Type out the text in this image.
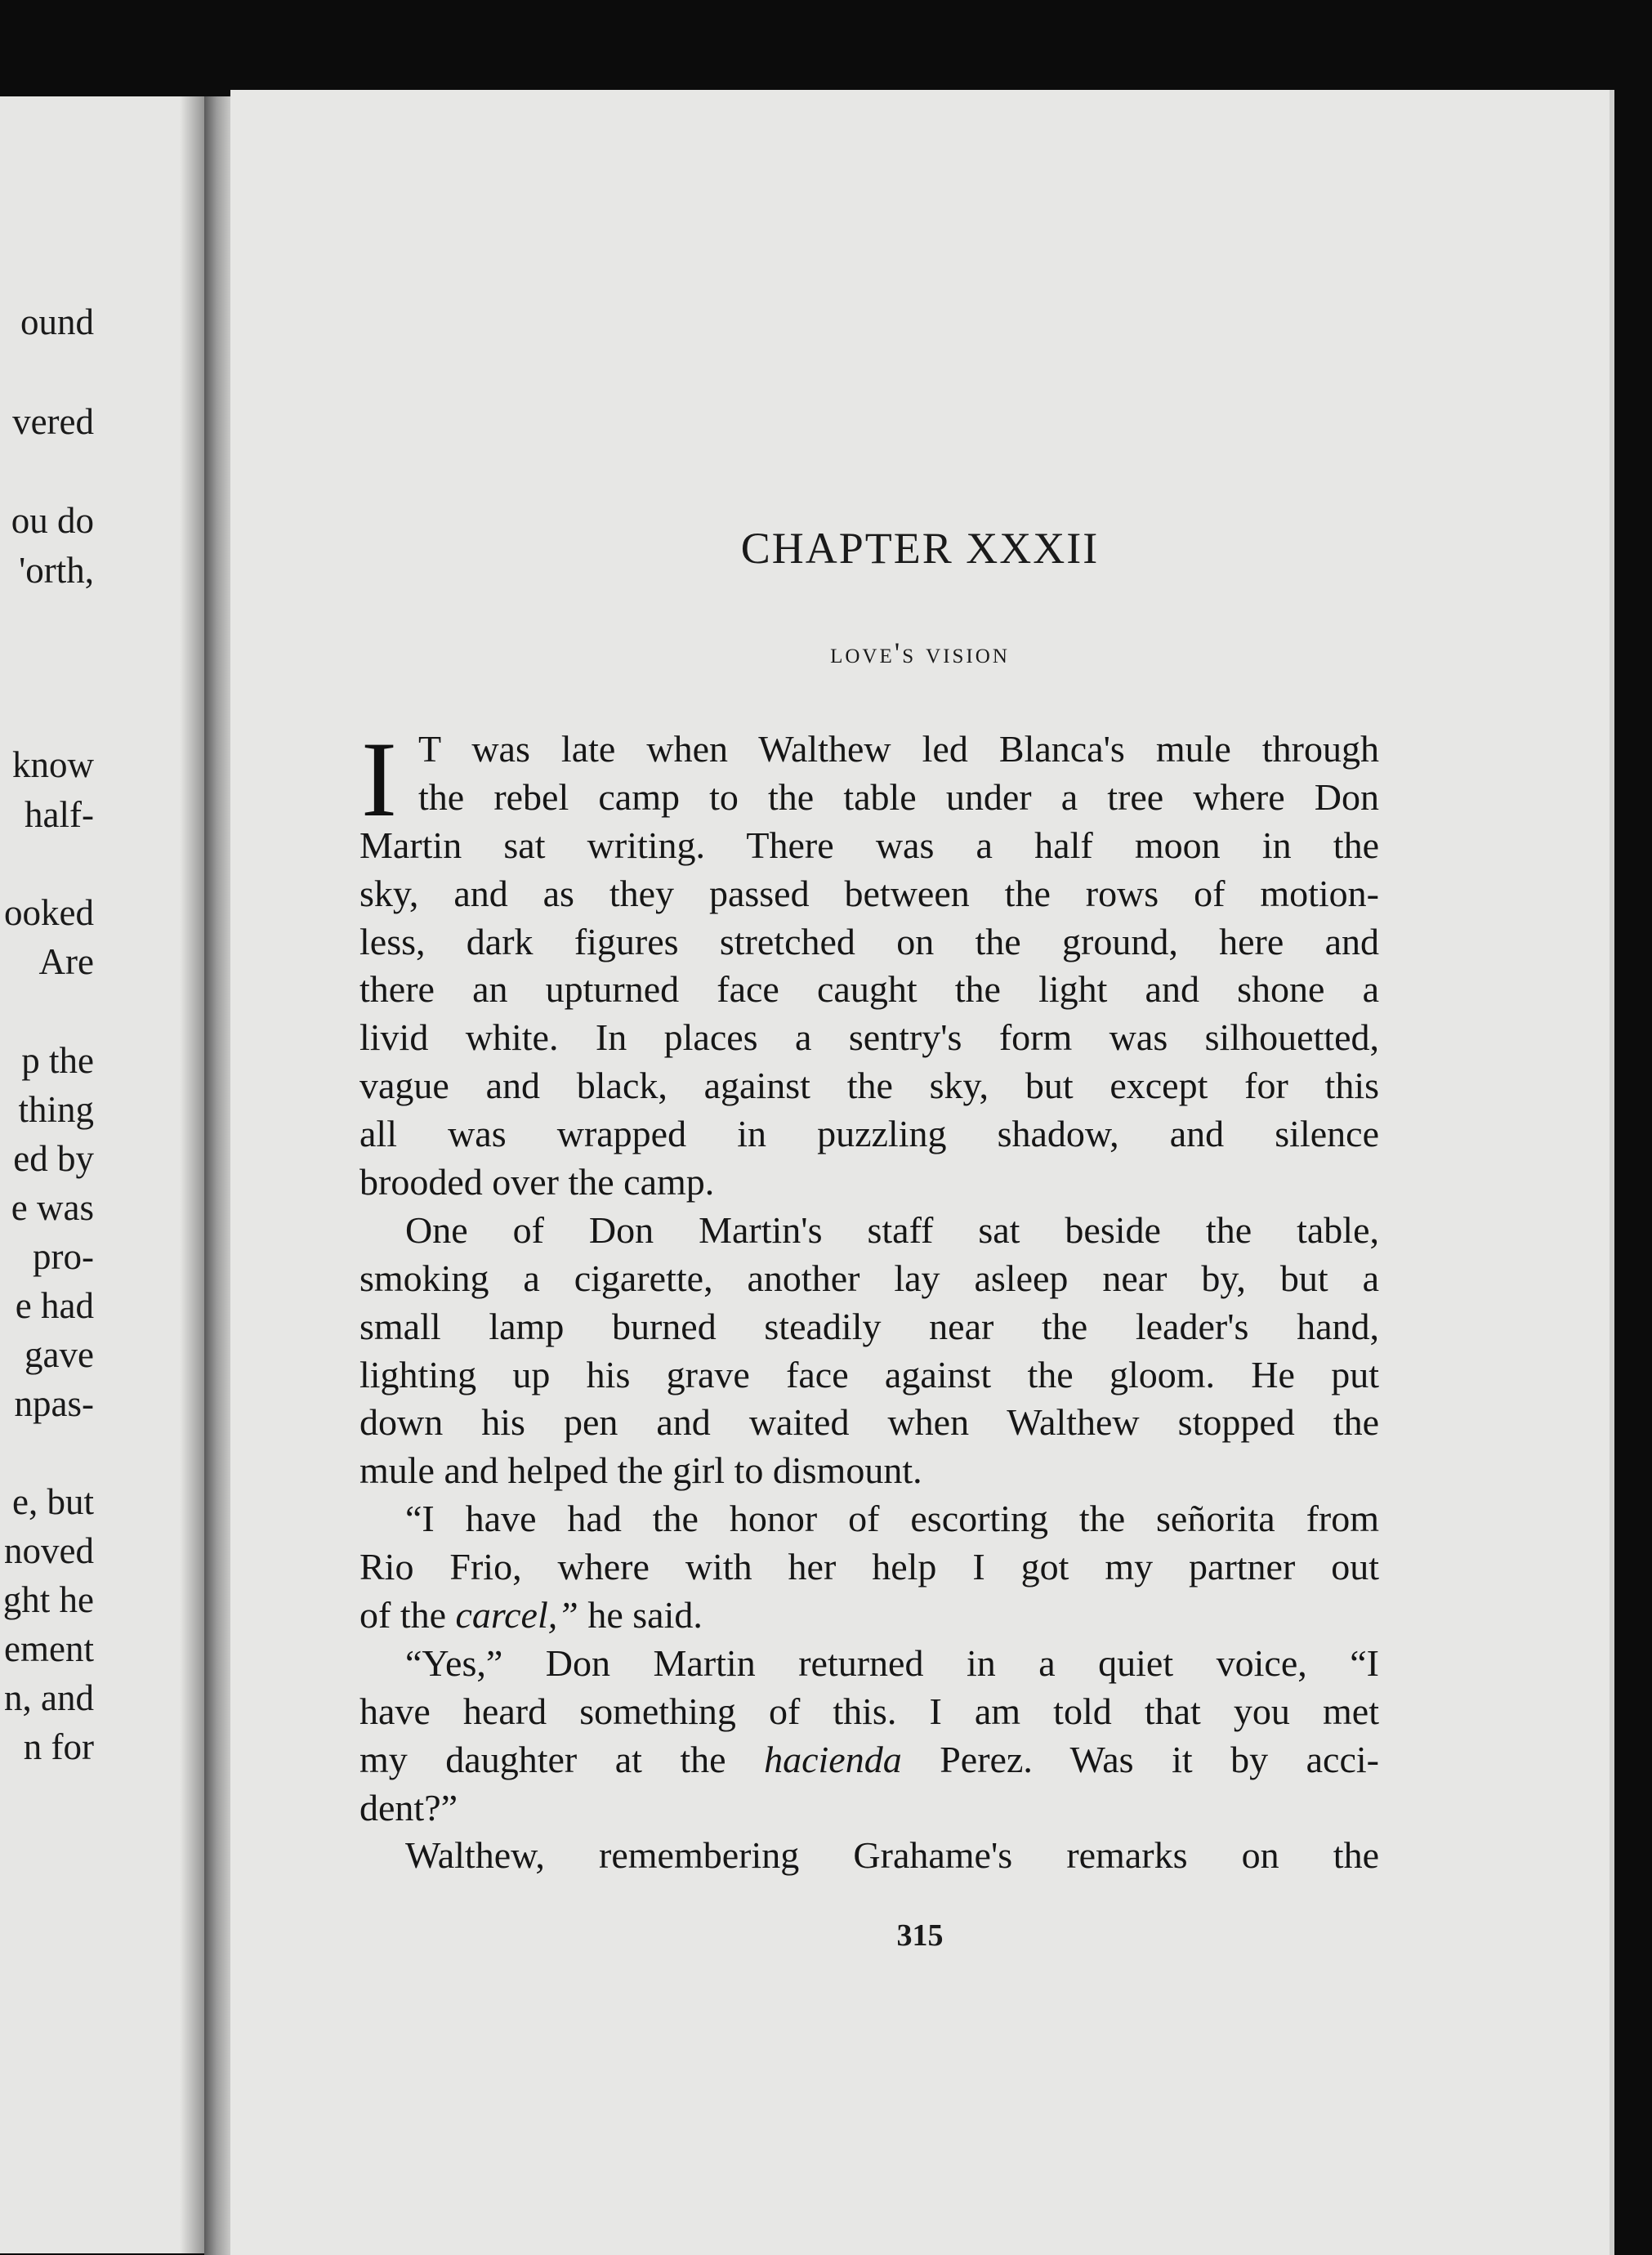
ound
vered
ou do
'orth,
know
half-
ooked
Are
p the
thing
ed by
e was
pro-
e had
gave
npas-
e, but
noved
ght he
ement
n, and
n for
CHAPTER XXXII
love's vision
T was late when Walthew led Blanca's mule through
the rebel camp to the table under a tree where Don
Martin sat writing. There was a half moon in the
sky, and as they passed between the rows of motion-
less, dark figures stretched on the ground, here and
there an upturned face caught the light and shone a
livid white. In places a sentry's form was silhouetted,
vague and black, against the sky, but except for this
all was wrapped in puzzling shadow, and silence
brooded over the camp.
One of Don Martin's staff sat beside the table,
smoking a cigarette, another lay asleep near by, but a
small lamp burned steadily near the leader's hand,
lighting up his grave face against the gloom. He put
down his pen and waited when Walthew stopped the
mule and helped the girl to dismount.
“I have had the honor of escorting the señorita from
Rio Frio, where with her help I got my partner out
of the carcel,” he said.
“Yes,” Don Martin returned in a quiet voice, “I
have heard something of this. I am told that you met
my daughter at the hacienda Perez. Was it by acci-
dent?”
Walthew, remembering Grahame's remarks on the
315
I
